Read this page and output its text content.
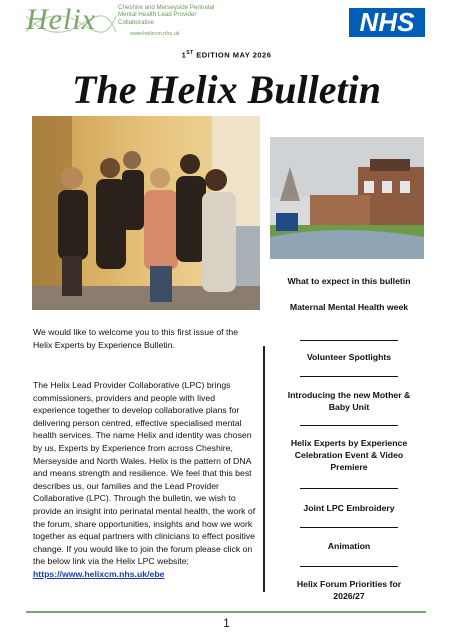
Helix	Cheshire and Merseyside Perinatal Mental Health Lead Provider Collaborative
www.helixcm.nhs.uk	NHS
1ST EDITION MAY 2026
The Helix Bulletin
We would like to welcome you to this first issue of the Helix Experts by Experience Bulletin.
The Helix Lead Provider Collaborative (LPC) brings commissioners, providers and people with lived experience together to develop collaborative plans for delivering person centred, effective specialised mental health services. The name Helix and identity was chosen by us, Experts by Experience from across Cheshire, Merseyside and North Wales. Helix is the pattern of DNA and means strength and resilience. We feel that this best describes us, our families and the Lead Provider Collaborative (LPC). Through the bulletin, we wish to provide an insight into perinatal mental health, the work of the forum, share opportunities, insights and how we work together as equal partners with clinicians to effect positive change. If you would like to join the forum please click on the below link via the Helix LPC website; https://www.helixcm.nhs.uk/ebe
What to expect in this bulletin
Maternal Mental Health week
Volunteer Spotlights
Introducing the new Mother & Baby Unit
Helix Experts by Experience Celebration Event & Video Premiere
Joint LPC Embroidery
Animation
Helix Forum Priorities for 2026/27
1
